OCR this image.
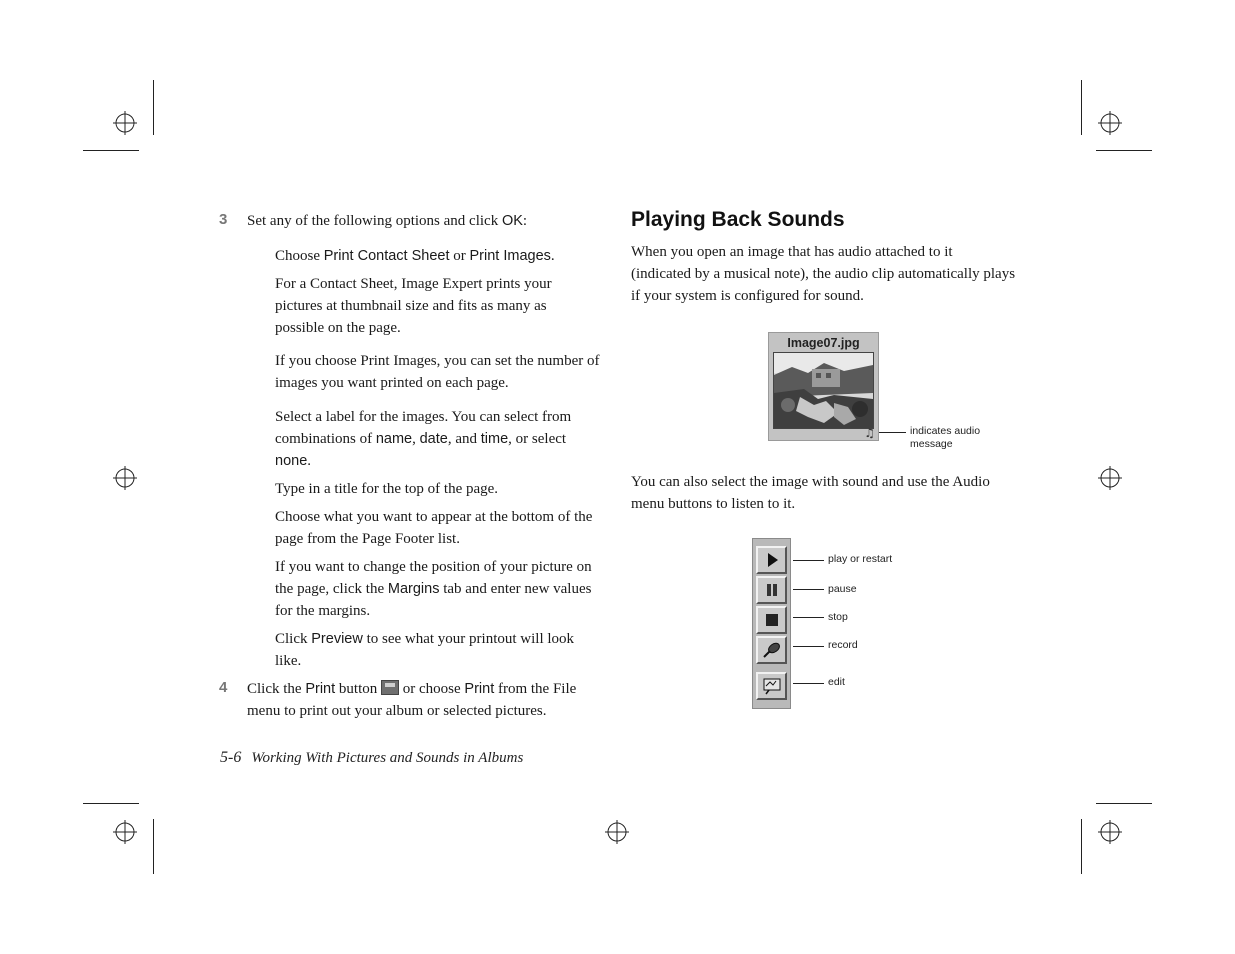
3 Set any of the following options and click OK:
Choose Print Contact Sheet or Print Images.
For a Contact Sheet, Image Expert prints your pictures at thumbnail size and fits as many as possible on the page.
If you choose Print Images, you can set the number of images you want printed on each page.
Select a label for the images. You can select from combinations of name, date, and time, or select none.
Type in a title for the top of the page.
Choose what you want to appear at the bottom of the page from the Page Footer list.
If you want to change the position of your picture on the page, click the Margins tab and enter new values for the margins.
Click Preview to see what your printout will look like.
4 Click the Print button
or choose Print from the File menu to print out your album or selected pictures.
Playing Back Sounds
When you open an image that has audio attached to it (indicated by a musical note), the audio clip automatically plays if your system is configured for sound.
Image07.jpg
♫	indicates audio
message
You can also select the image with sound and use the Audio menu buttons to listen to it.
play or restart
pause
stop
record
edit
5-6 Working With Pictures and Sounds in Albums
